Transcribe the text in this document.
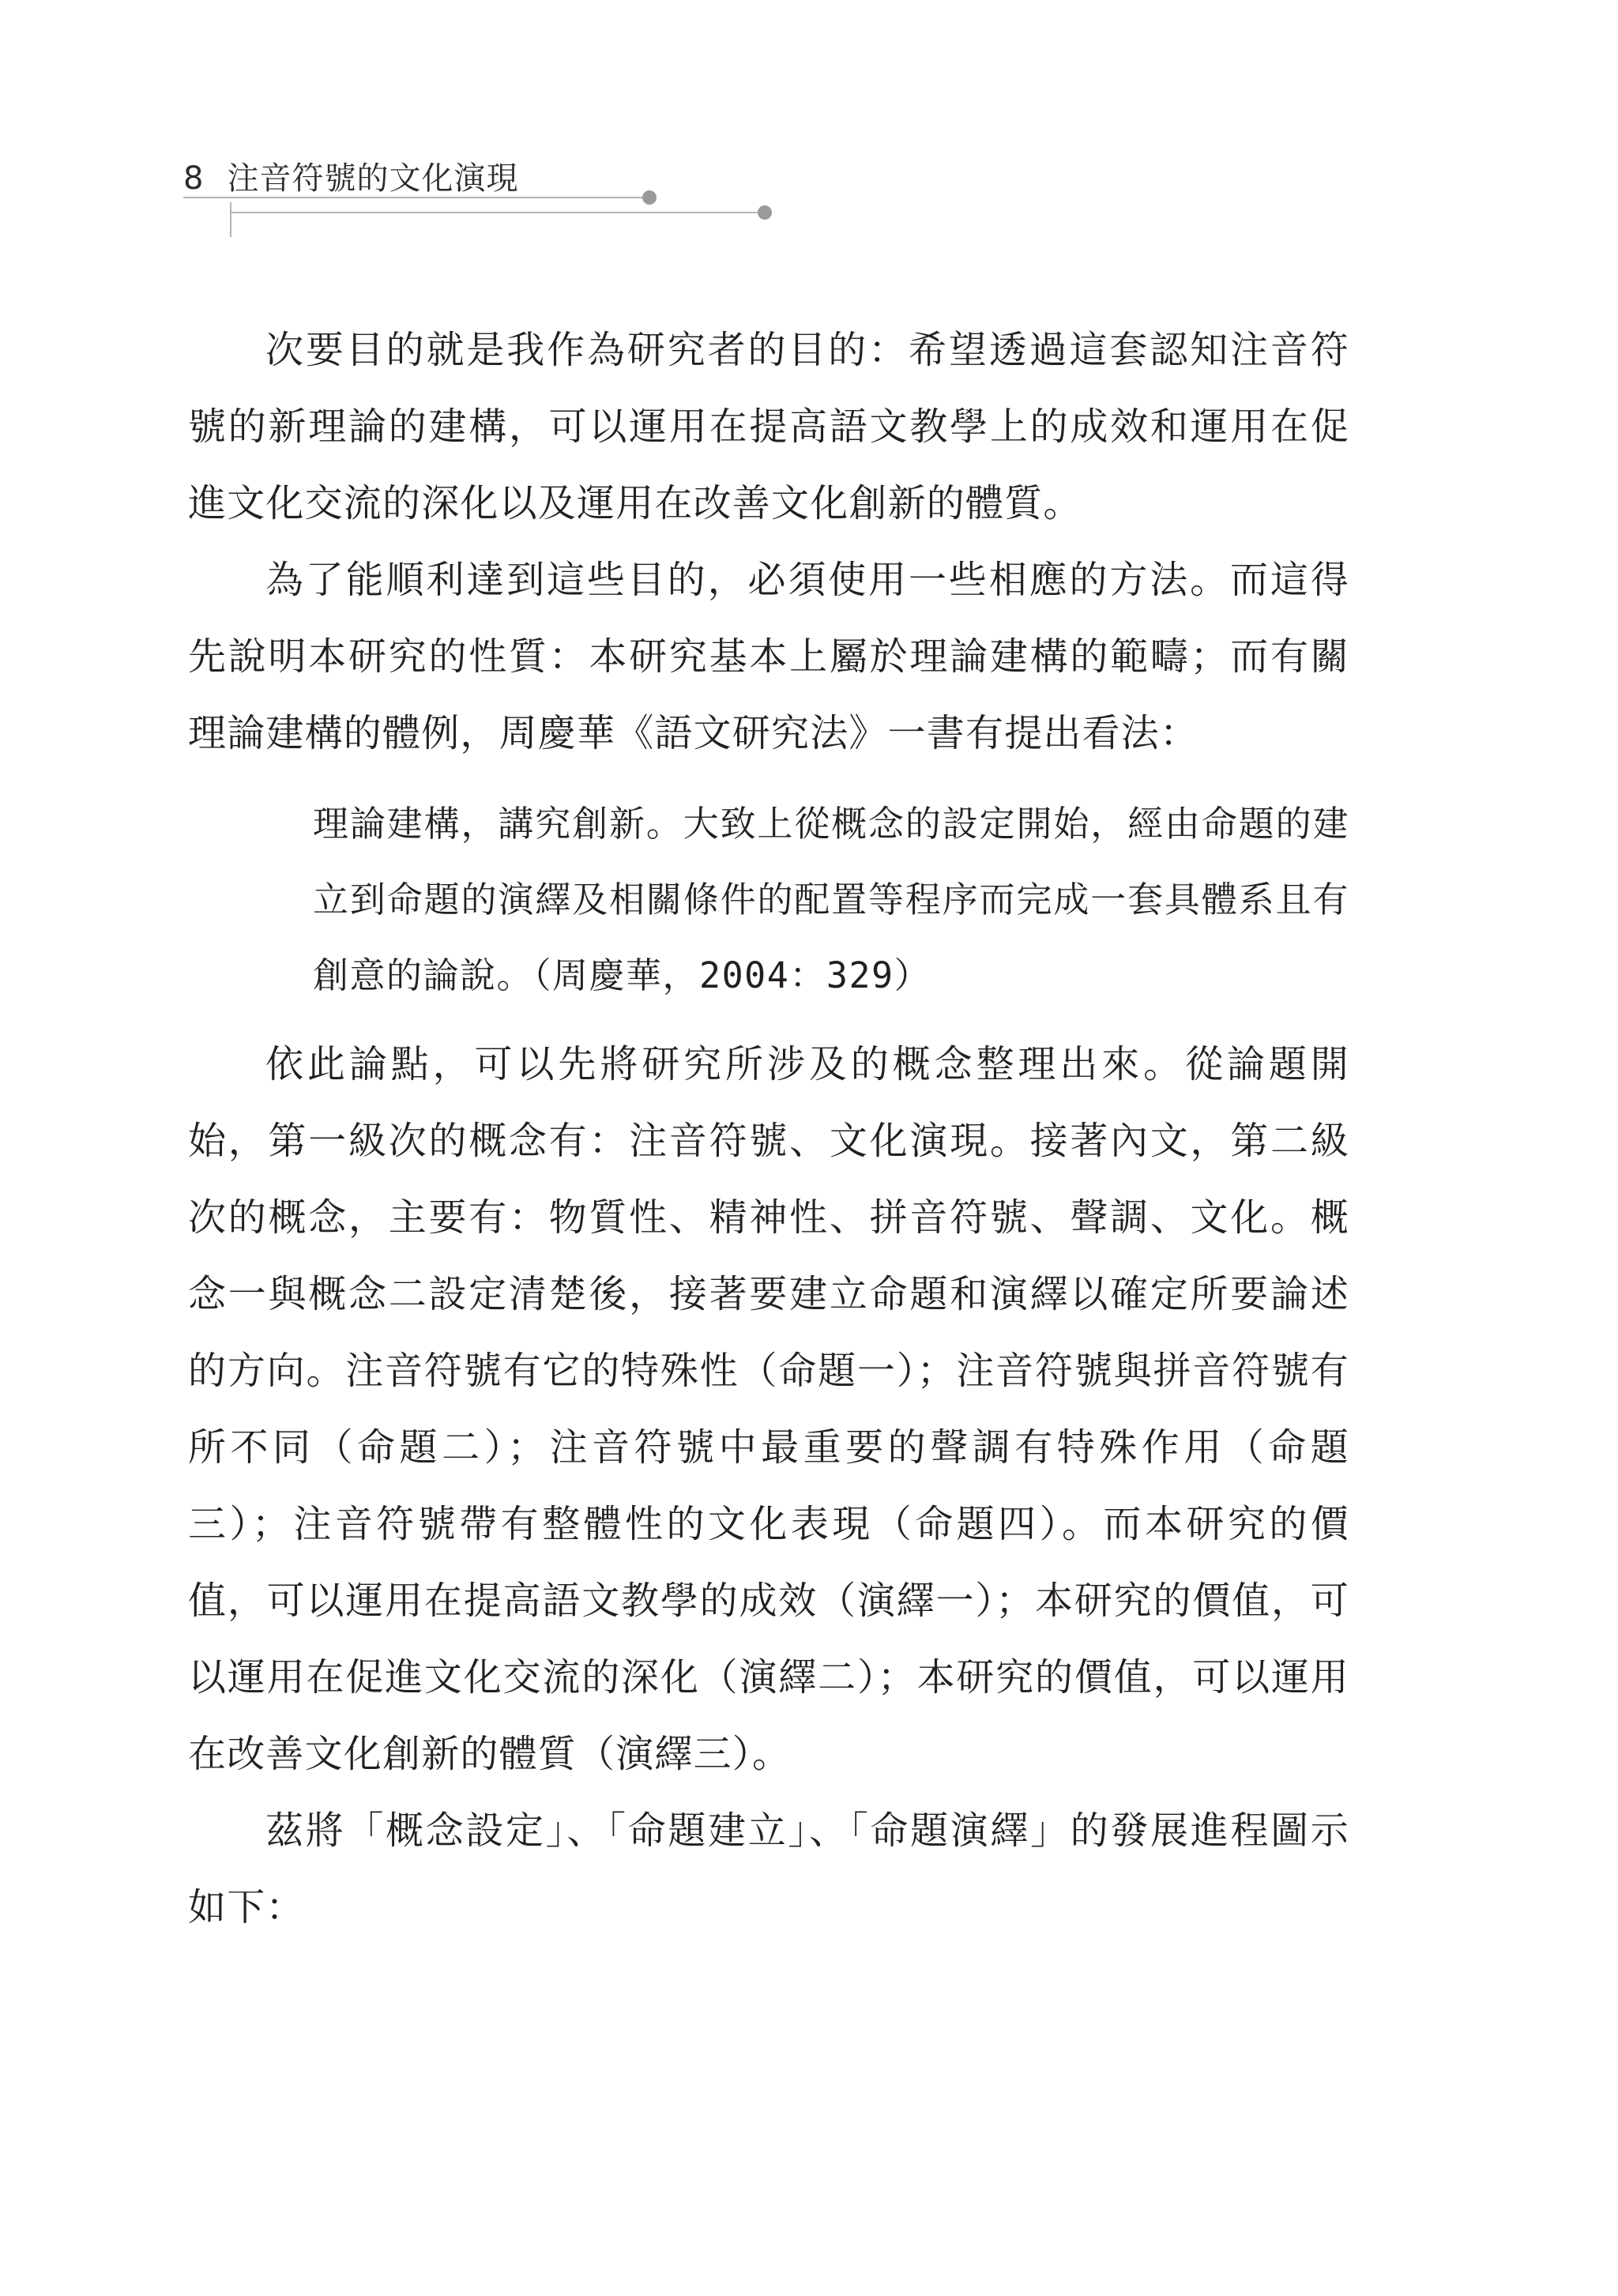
8 注音符號的文化演現

次要目的就是我作為研究者的目的：希望透過這套認知注音符號的新理論的建構，可以運用在提高語文教學上的成效和運用在促進文化交流的深化以及運用在改善文化創新的體質。

為了能順利達到這些目的，必須使用一些相應的方法。而這得先說明本研究的性質：本研究基本上屬於理論建構的範疇；而有關理論建構的體例，周慶華《語文研究法》一書有提出看法：

理論建構，講究創新。大致上從概念的設定開始，經由命題的建立到命題的演繹及相關條件的配置等程序而完成一套具體系且有創意的論說。（周慶華，2004：329）

依此論點，可以先將研究所涉及的概念整理出來。從論題開始，第一級次的概念有：注音符號、文化演現。接著內文，第二級次的概念，主要有：物質性、精神性、拼音符號、聲調、文化。概念一與概念二設定清楚後，接著要建立命題和演繹以確定所要論述的方向。注音符號有它的特殊性（命題一）；注音符號與拼音符號有所不同（命題二）；注音符號中最重要的聲調有特殊作用（命題三）；注音符號帶有整體性的文化表現（命題四）。而本研究的價值，可以運用在提高語文教學的成效（演繹一）；本研究的價值，可以運用在促進文化交流的深化（演繹二）；本研究的價值，可以運用在改善文化創新的體質（演繹三）。

茲將「概念設定」、「命題建立」、「命題演繹」的發展進程圖示如下：
